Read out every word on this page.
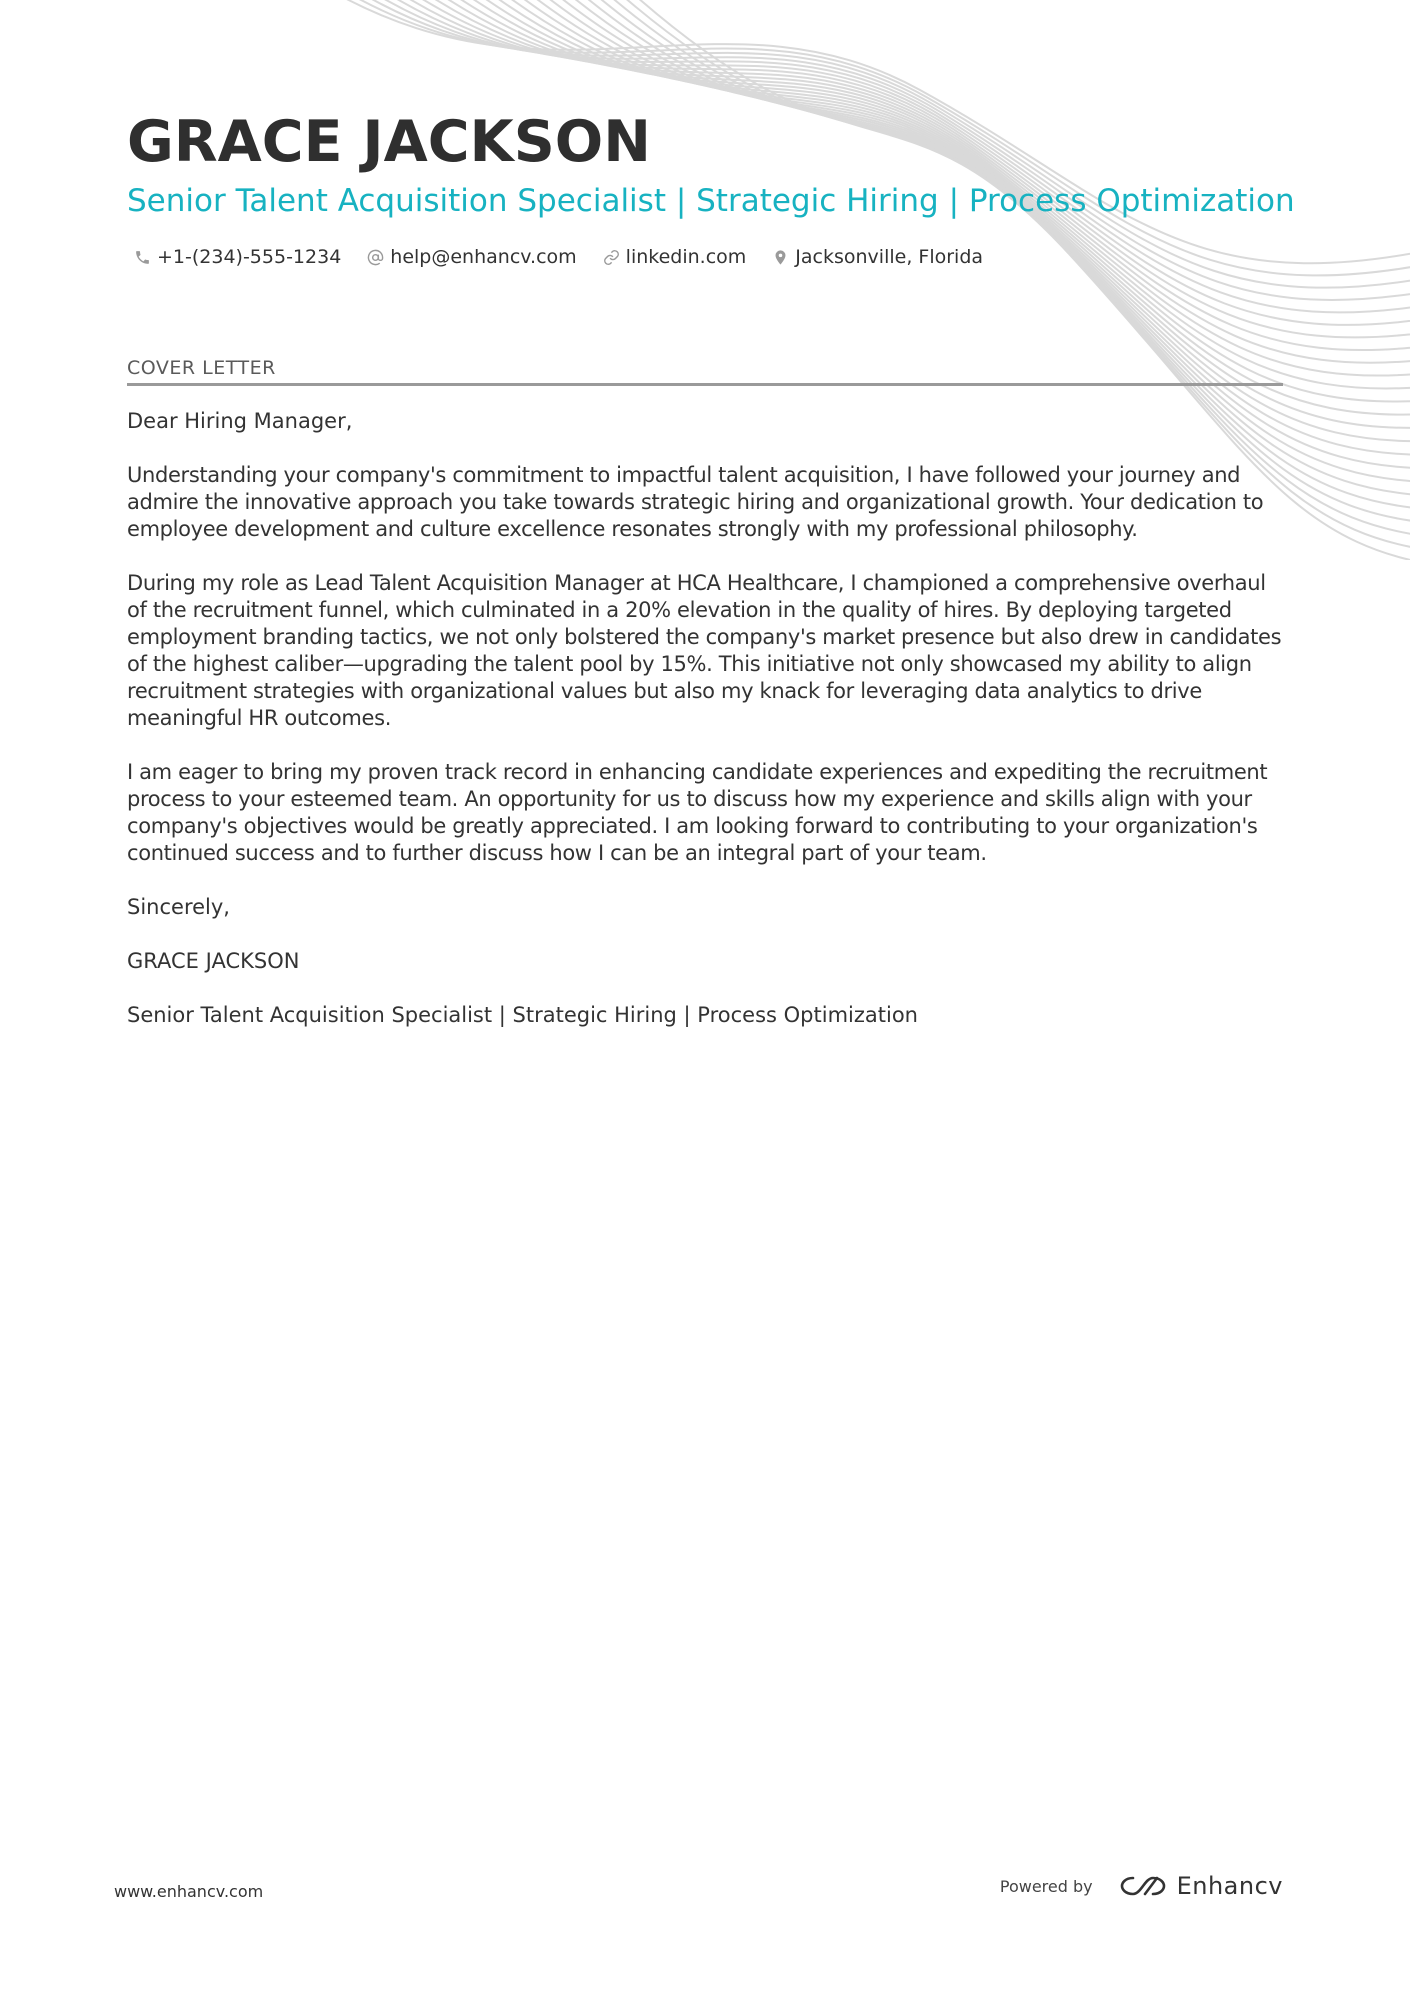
GRACE JACKSON
Senior Talent Acquisition Specialist | Strategic Hiring | Process Optimization
+1-(234)-555-1234	help@enhancv.com	linkedin.com	Jacksonville, Florida
COVER LETTER

Dear Hiring Manager,

Understanding your company's commitment to impactful talent acquisition, I have followed your journey and admire the innovative approach you take towards strategic hiring and organizational growth. Your dedication to employee development and culture excellence resonates strongly with my professional philosophy.

During my role as Lead Talent Acquisition Manager at HCA Healthcare, I championed a comprehensive overhaul of the recruitment funnel, which culminated in a 20% elevation in the quality of hires. By deploying targeted employment branding tactics, we not only bolstered the company's market presence but also drew in candidates of the highest caliber—upgrading the talent pool by 15%. This initiative not only showcased my ability to align recruitment strategies with organizational values but also my knack for leveraging data analytics to drive meaningful HR outcomes.

I am eager to bring my proven track record in enhancing candidate experiences and expediting the recruitment process to your esteemed team. An opportunity for us to discuss how my experience and skills align with your company's objectives would be greatly appreciated. I am looking forward to contributing to your organization's continued success and to further discuss how I can be an integral part of your team.

Sincerely,

GRACE JACKSON

Senior Talent Acquisition Specialist | Strategic Hiring | Process Optimization

www.enhancv.com	Powered by	Enhancv
